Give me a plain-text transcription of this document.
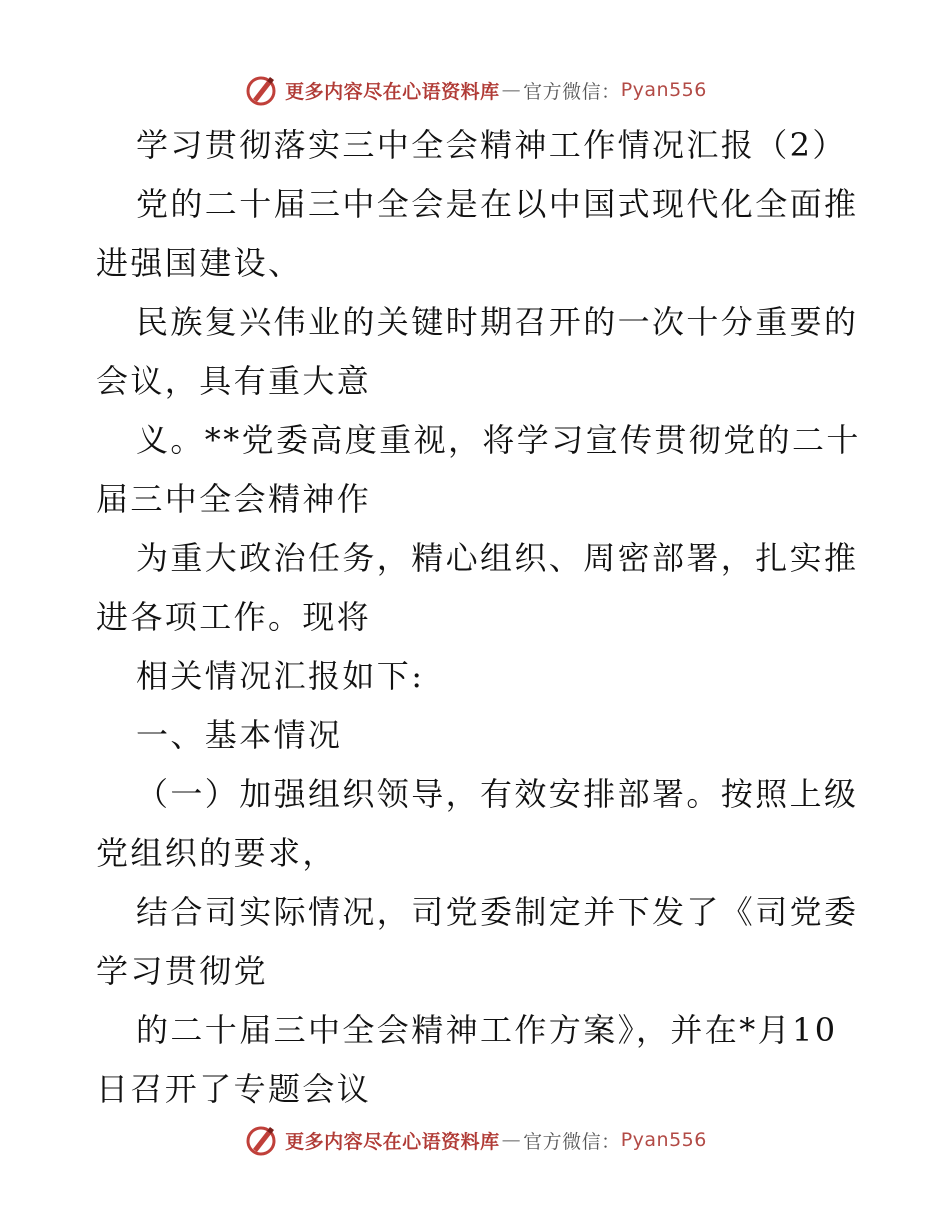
更多内容尽在心语资料库 — 官方微信： Pyan556
学习贯彻落实三中全会精神工作情况汇报（2）
党的二十届三中全会是在以中国式现代化全面推
进强国建设、
民族复兴伟业的关键时期召开的一次十分重要的
会议，具有重大意
义。**党委高度重视，将学习宣传贯彻党的二十
届三中全会精神作
为重大政治任务，精心组织、周密部署，扎实推
进各项工作。现将
相关情况汇报如下:
一、基本情况
（一）加强组织领导，有效安排部署。按照上级
党组织的要求，
结合司实际情况，司党委制定并下发了《司党委
学习贯彻党
的二十届三中全会精神工作方案》，并在*月10
日召开了专题会议
更多内容尽在心语资料库 — 官方微信： Pyan556
